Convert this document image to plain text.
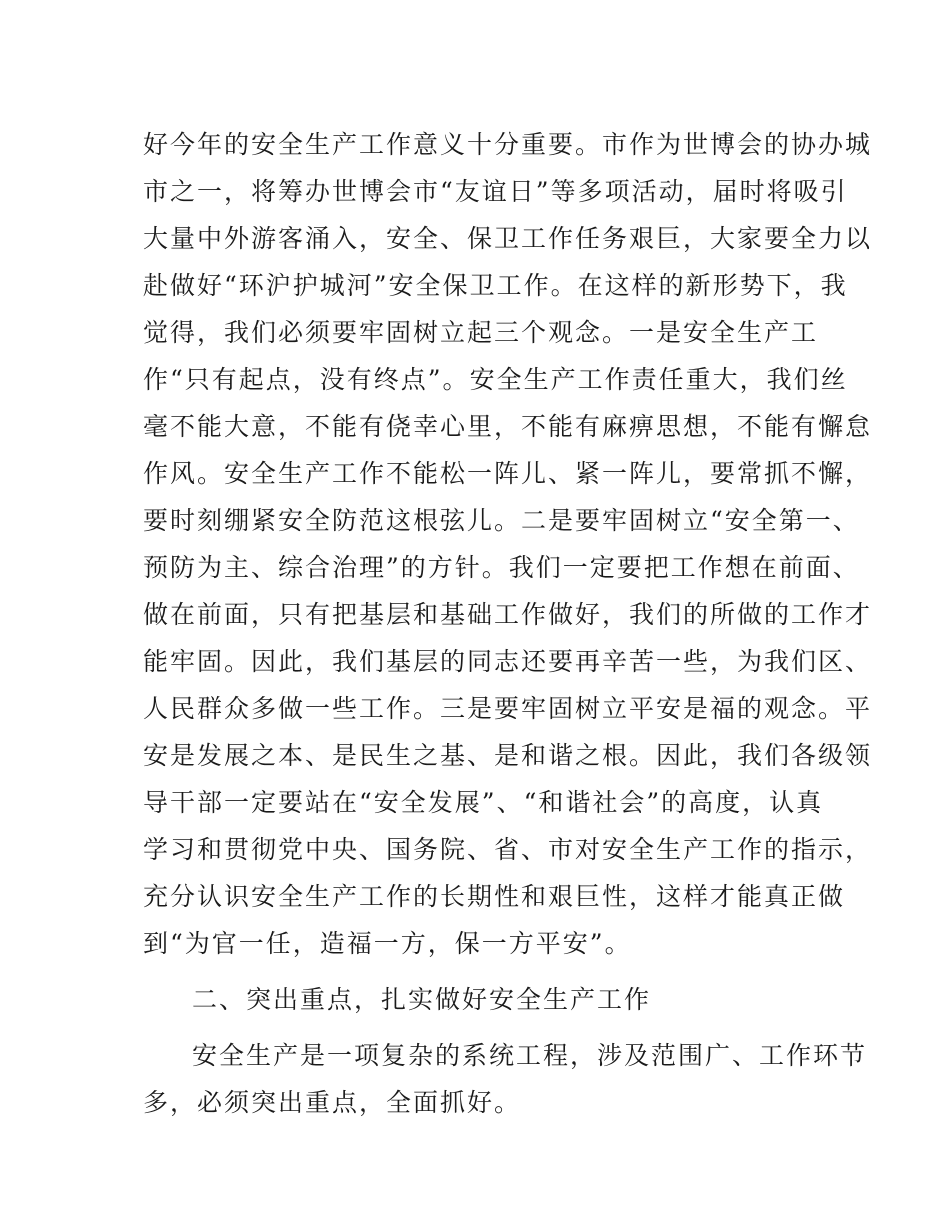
好今年的安全生产工作意义十分重要。市作为世博会的协办城
市之一，将筹办世博会市“友谊日”等多项活动，届时将吸引
大量中外游客涌入，安全、保卫工作任务艰巨，大家要全力以
赴做好“环沪护城河”安全保卫工作。在这样的新形势下，我
觉得，我们必须要牢固树立起三个观念。一是安全生产工
作“只有起点，没有终点”。安全生产工作责任重大，我们丝
毫不能大意，不能有侥幸心里，不能有麻痹思想，不能有懈怠
作风。安全生产工作不能松一阵儿、紧一阵儿，要常抓不懈，
要时刻绷紧安全防范这根弦儿。二是要牢固树立“安全第一、
预防为主、综合治理”的方针。我们一定要把工作想在前面、
做在前面，只有把基层和基础工作做好，我们的所做的工作才
能牢固。因此，我们基层的同志还要再辛苦一些，为我们区、
人民群众多做一些工作。三是要牢固树立平安是福的观念。平
安是发展之本、是民生之基、是和谐之根。因此，我们各级领
导干部一定要站在“安全发展”、“和谐社会”的高度，认真
学习和贯彻党中央、国务院、省、市对安全生产工作的指示，
充分认识安全生产工作的长期性和艰巨性，这样才能真正做
到“为官一任，造福一方，保一方平安”。
二、突出重点，扎实做好安全生产工作
安全生产是一项复杂的系统工程，涉及范围广、工作环节
多，必须突出重点，全面抓好。
